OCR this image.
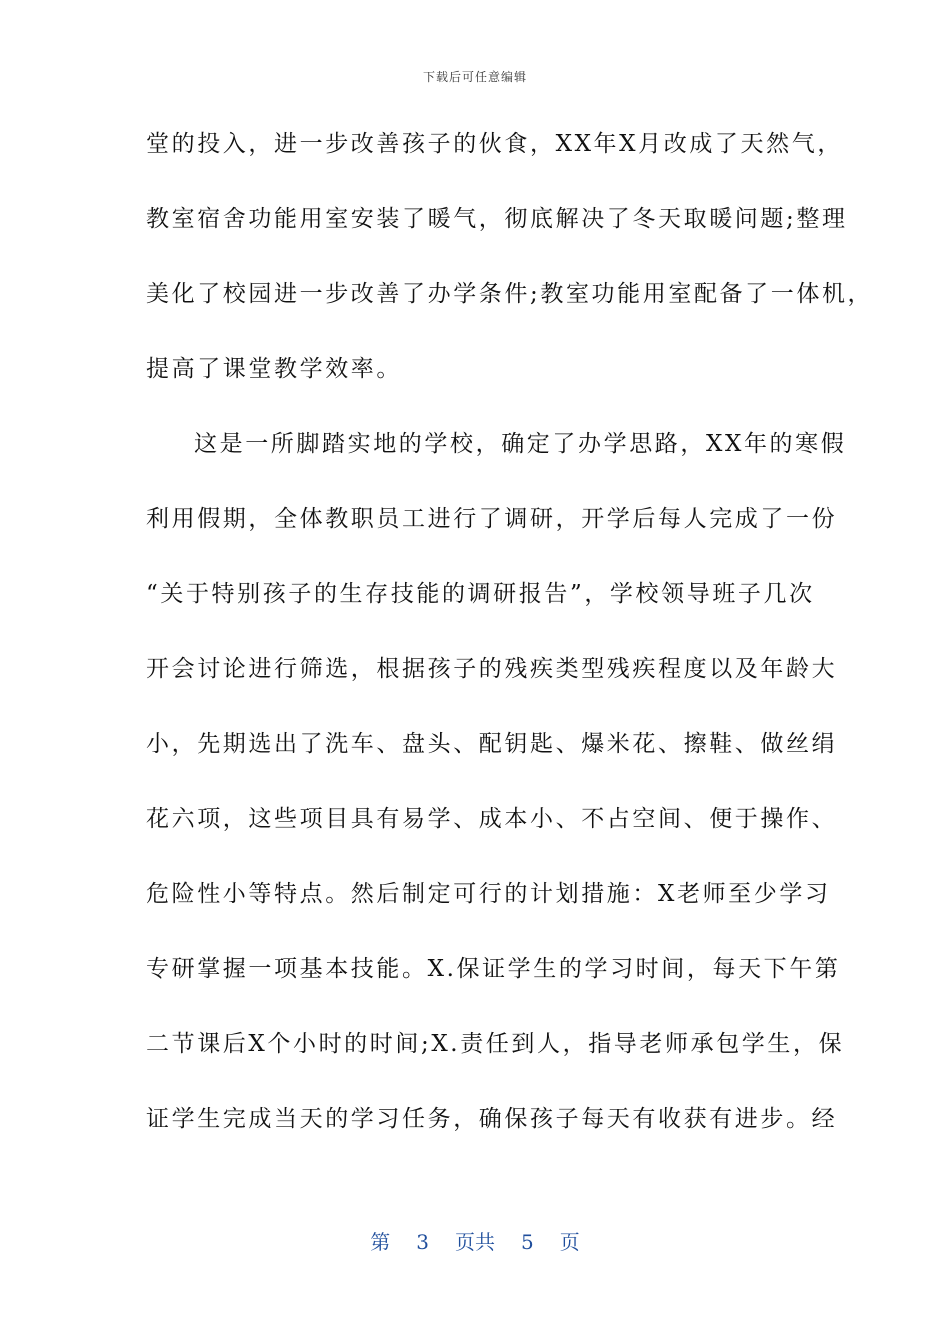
下载后可任意编辑
堂的投入，进一步改善孩子的伙食，XX年X月改成了天然气，
教室宿舍功能用室安装了暖气，彻底解决了冬天取暖问题;整理
美化了校园进一步改善了办学条件;教室功能用室配备了一体机，
提高了课堂教学效率。
这是一所脚踏实地的学校，确定了办学思路，XX年的寒假
利用假期，全体教职员工进行了调研，开学后每人完成了一份
“关于特别孩子的生存技能的调研报告”，学校领导班子几次
开会讨论进行筛选，根据孩子的残疾类型残疾程度以及年龄大
小，先期选出了洗车、盘头、配钥匙、爆米花、擦鞋、做丝绢
花六项，这些项目具有易学、成本小、不占空间、便于操作、
危险性小等特点。然后制定可行的计划措施：X老师至少学习
专研掌握一项基本技能。X.保证学生的学习时间，每天下午第
二节课后X个小时的时间;X.责任到人，指导老师承包学生，保
证学生完成当天的学习任务，确保孩子每天有收获有进步。经
第 3 页共 5 页
